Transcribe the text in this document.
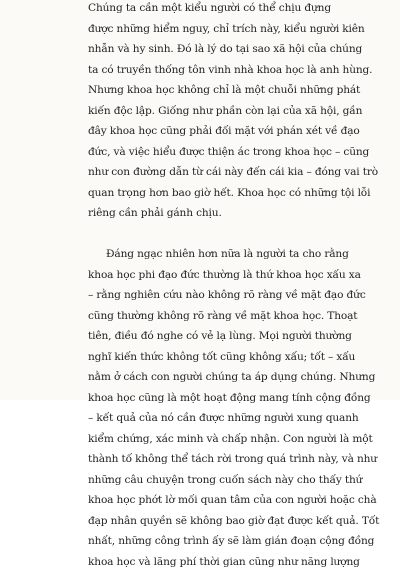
Chúng ta cần một kiểu người có thể chịu đựng
được những hiểm nguy, chỉ trích này, kiểu người kiên
nhẫn và hy sinh. Đó là lý do tại sao xã hội của chúng
ta có truyền thống tôn vinh nhà khoa học là anh hùng.
Nhưng khoa học không chỉ là một chuỗi những phát
kiến độc lập. Giống như phần còn lại của xã hội, gần
đây khoa học cũng phải đối mặt với phán xét về đạo
đức, và việc hiểu được thiện ác trong khoa học – cũng
như con đường dẫn từ cái này đến cái kia – đóng vai trò
quan trọng hơn bao giờ hết. Khoa học có những tội lỗi
riêng cần phải gánh chịu.
Đáng ngạc nhiên hơn nữa là người ta cho rằng
khoa học phi đạo đức thường là thứ khoa học xấu xa
– rằng nghiên cứu nào không rõ ràng về mặt đạo đức
cũng thường không rõ ràng về mặt khoa học. Thoạt
tiên, điều đó nghe có vẻ lạ lùng. Mọi người thường
nghĩ kiến thức không tốt cũng không xấu; tốt – xấu
nằm ở cách con người chúng ta áp dụng chúng. Nhưng
khoa học cũng là một hoạt động mang tính cộng đồng
– kết quả của nó cần được những người xung quanh
kiểm chứng, xác minh và chấp nhận. Con người là một
thành tố không thể tách rời trong quá trình này, và như
những câu chuyện trong cuốn sách này cho thấy thứ
khoa học phớt lờ mối quan tâm của con người hoặc chà
đạp nhân quyền sẽ không bao giờ đạt được kết quả. Tốt
nhất, những công trình ấy sẽ làm gián đoạn cộng đồng
khoa học và lãng phí thời gian cũng như năng lượng
